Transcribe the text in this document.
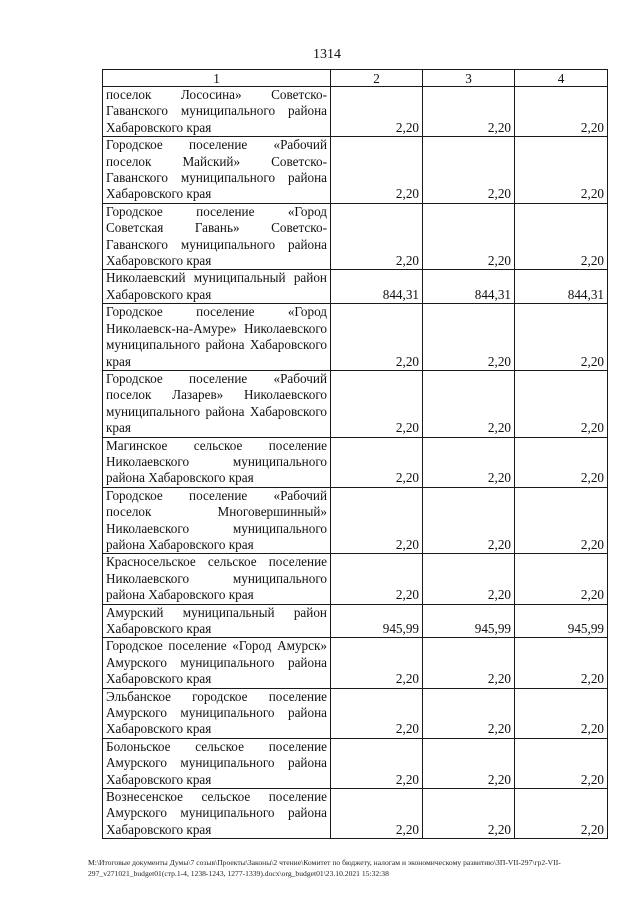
1314
1	2	3	4
поселок Лососина» Советско-Гаванского муниципального района Хабаровского края	2,20	2,20	2,20
Городское поселение «Рабочий поселок Майский» Советско-Гаванского муниципального района Хабаровского края	2,20	2,20	2,20
Городское поселение «Город Советская Гавань» Советско-Гаванского муниципального района Хабаровского края	2,20	2,20	2,20
Николаевский муниципальный район Хабаровского края	844,31	844,31	844,31
Городское поселение «Город Николаевск-на-Амуре» Николаевского муниципального района Хабаровского края	2,20	2,20	2,20
Городское поселение «Рабочий поселок Лазарев» Николаевского муниципального района Хабаровского края	2,20	2,20	2,20
Магинское сельское поселение Николаевского муниципального района Хабаровского края	2,20	2,20	2,20
Городское поселение «Рабочий поселок Многовершинный» Николаевского муниципального района Хабаровского края	2,20	2,20	2,20
Красносельское сельское поселение Николаевского муниципального района Хабаровского края	2,20	2,20	2,20
Амурский муниципальный район Хабаровского края	945,99	945,99	945,99
Городское поселение «Город Амурск» Амурского муниципального района Хабаровского края	2,20	2,20	2,20
Эльбанское городское поселение Амурского муниципального района Хабаровского края	2,20	2,20	2,20
Болоньское сельское поселение Амурского муниципального района Хабаровского края	2,20	2,20	2,20
Вознесенское сельское поселение Амурского муниципального района Хабаровского края	2,20	2,20	2,20
М:\Итоговые документы Думы\7 созыв\Проекты\Законы\2 чтение\Комитет по бюджету, налогам и экономическому развитию\ЗП-VII-297\гр2-VII-
297_v271021_budget01(стр.1-4, 1238-1243, 1277-1339).docx\org_budget01\23.10.2021 15:32:38
